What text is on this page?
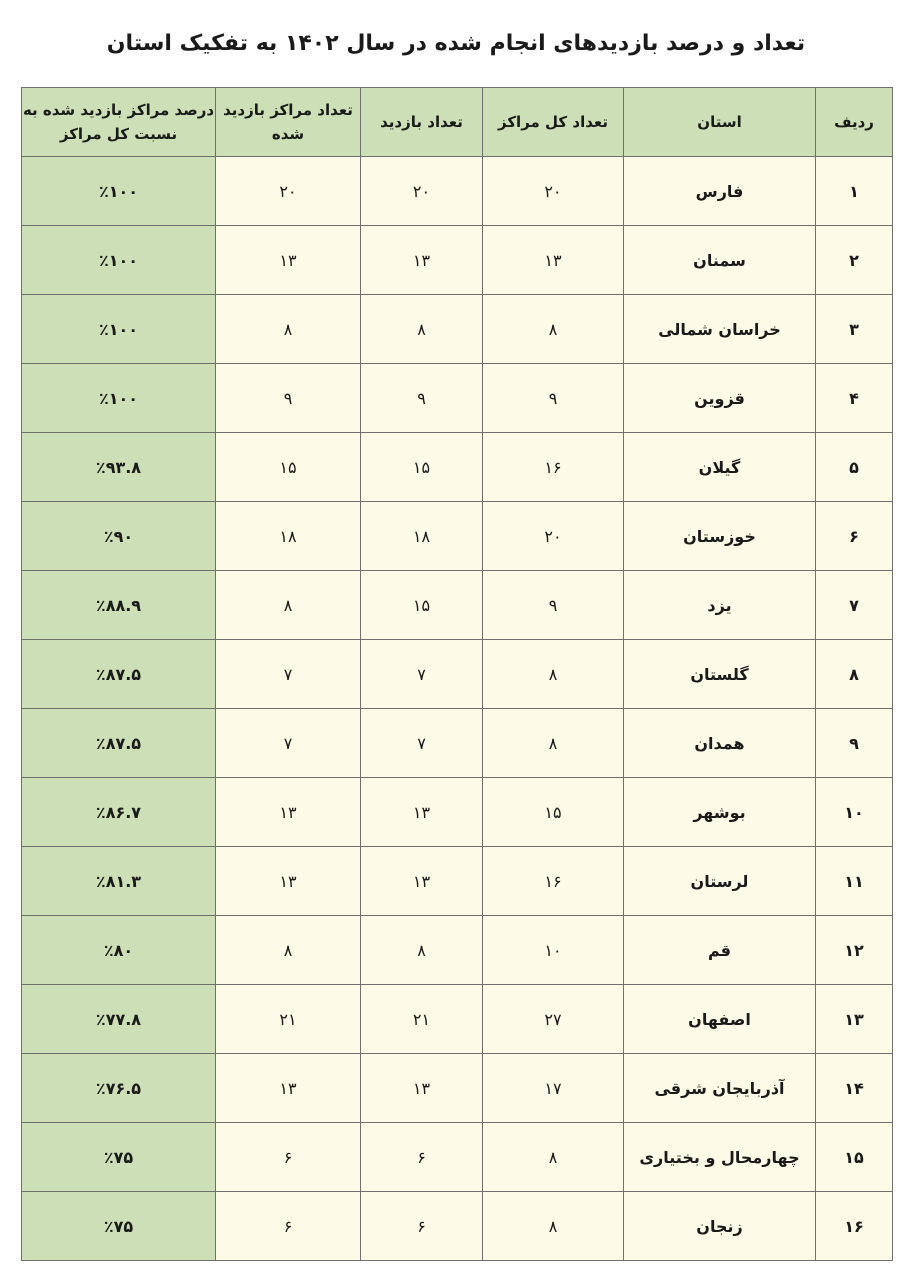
تعداد و درصد بازدیدهای انجام شده در سال ۱۴۰۲ به تفکیک استان
ردیف	استان	تعداد کل مراکز	تعداد بازدید	تعداد مراکز بازدید شده	درصد مراکز بازدید شده به نسبت کل مراکز
۱	فارس	۲۰	۲۰	۲۰	٪۱۰۰
۲	سمنان	۱۳	۱۳	۱۳	٪۱۰۰
۳	خراسان شمالی	۸	۸	۸	٪۱۰۰
۴	قزوین	۹	۹	۹	٪۱۰۰
۵	گیلان	۱۶	۱۵	۱۵	٪۹۳.۸
۶	خوزستان	۲۰	۱۸	۱۸	٪۹۰
۷	یزد	۹	۱۵	۸	٪۸۸.۹
۸	گلستان	۸	۷	۷	٪۸۷.۵
۹	همدان	۸	۷	۷	٪۸۷.۵
۱۰	بوشهر	۱۵	۱۳	۱۳	٪۸۶.۷
۱۱	لرستان	۱۶	۱۳	۱۳	٪۸۱.۳
۱۲	قم	۱۰	۸	۸	٪۸۰
۱۳	اصفهان	۲۷	۲۱	۲۱	٪۷۷.۸
۱۴	آذربایجان شرقی	۱۷	۱۳	۱۳	٪۷۶.۵
۱۵	چهارمحال و بختیاری	۸	۶	۶	٪۷۵
۱۶	زنجان	۸	۶	۶	٪۷۵
